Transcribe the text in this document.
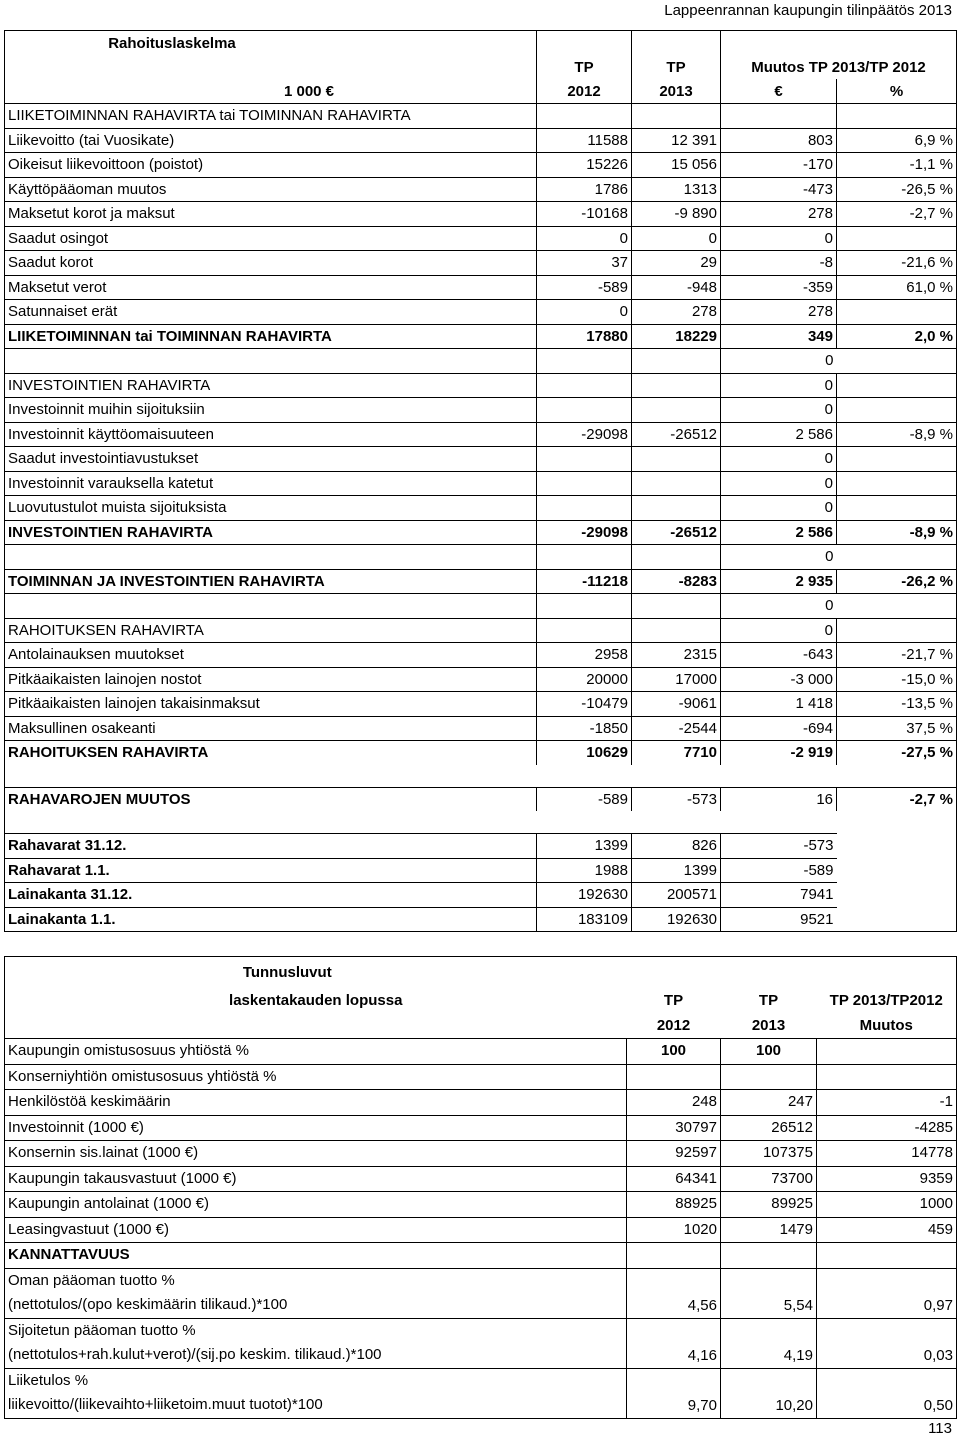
Lappeenrannan kaupungin tilinpäätös 2013
Rahoituslaskelma				
	TP	TP	Muutos TP 2013/TP 2012	
1 000 €	2012	2013	€	%
LIIKETOIMINNAN RAHAVIRTA tai TOIMINNAN RAHAVIRTA				
Liikevoitto (tai Vuosikate)	11588	12 391	803	6,9 %
Oikeisut liikevoittoon (poistot)	15226	15 056	-170	-1,1 %
Käyttöpääoman muutos	1786	1313	-473	-26,5 %
Maksetut korot ja maksut	-10168	-9 890	278	-2,7 %
Saadut osingot	0	0	0	
Saadut korot	37	29	-8	-21,6 %
Maksetut verot	-589	-948	-359	61,0 %
Satunnaiset erät	0	278	278	
LIIKETOIMINNAN tai TOIMINNAN RAHAVIRTA	17880	18229	349	2,0 %
			0	
INVESTOINTIEN RAHAVIRTA			0	
Investoinnit muihin sijoituksiin			0	
Investoinnit käyttöomaisuuteen	-29098	-26512	2 586	-8,9 %
Saadut investointiavustukset			0	
Investoinnit varauksella katetut			0	
Luovutustulot muista sijoituksista			0	
INVESTOINTIEN RAHAVIRTA	-29098	-26512	2 586	-8,9 %
			0	
TOIMINNAN JA INVESTOINTIEN RAHAVIRTA	-11218	-8283	2 935	-26,2 %
			0	
RAHOITUKSEN RAHAVIRTA			0	
Antolainauksen muutokset	2958	2315	-643	-21,7 %
Pitkäaikaisten lainojen nostot	20000	17000	-3 000	-15,0 %
Pitkäaikaisten lainojen takaisinmaksut	-10479	-9061	1 418	-13,5 %
Maksullinen osakeanti	-1850	-2544	-694	37,5 %
RAHOITUKSEN RAHAVIRTA	10629	7710	-2 919	-27,5 %

RAHAVAROJEN MUUTOS	-589	-573	16	-2,7 %

Rahavarat 31.12.	1399	826	-573	
Rahavarat 1.1.	1988	1399	-589	
Lainakanta 31.12.	192630	200571	7941	
Lainakanta 1.1.	183109	192630	9521	
Tunnusluvut			
laskentakauden lopussa	TP	TP	TP 2013/TP2012
	2012	2013	Muutos
Kaupungin omistusosuus yhtiöstä %	100	100	
Konserniyhtiön omistusosuus yhtiöstä %			
Henkilöstöä keskimäärin	248	247	-1
Investoinnit (1000 €)	30797	26512	-4285
Konsernin sis.lainat (1000 €)	92597	107375	14778
Kaupungin takausvastuut (1000 €)	64341	73700	9359
Kaupungin antolainat (1000 €)	88925	89925	1000
Leasingvastuut (1000 €)	1020	1479	459
KANNATTAVUUS			

Oman pääoman tuotto %
(nettotulos/(opo keskimäärin tilikaud.)*100	4,56	5,54	0,97

Sijoitetun pääoman tuotto %
(nettotulos+rah.kulut+verot)/(sij.po keskim. tilikaud.)*100	4,16	4,19	0,03

Liiketulos %
liikevoitto/(liikevaihto+liiketoim.muut tuotot)*100	9,70	10,20	0,50
113
